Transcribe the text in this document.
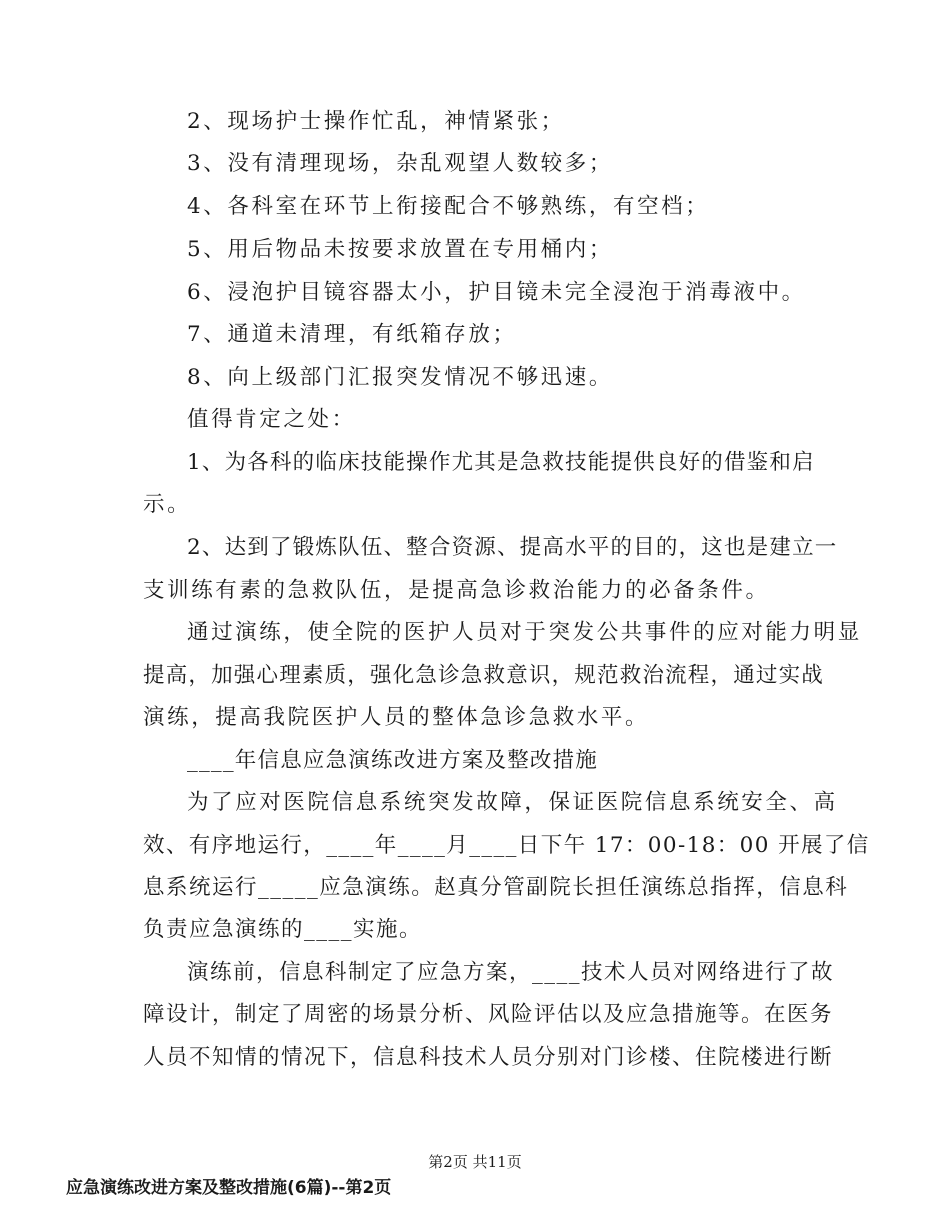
2、现场护士操作忙乱，神情紧张；
3、没有清理现场，杂乱观望人数较多；
4、各科室在环节上衔接配合不够熟练，有空档；
5、用后物品未按要求放置在专用桶内；
6、浸泡护目镜容器太小，护目镜未完全浸泡于消毒液中。
7、通道未清理，有纸箱存放；
8、向上级部门汇报突发情况不够迅速。
值得肯定之处：
1、为各科的临床技能操作尤其是急救技能提供良好的借鉴和启
示。
2、达到了锻炼队伍、整合资源、提高水平的目的，这也是建立一
支训练有素的急救队伍，是提高急诊救治能力的必备条件。
通过演练，使全院的医护人员对于突发公共事件的应对能力明显
提高，加强心理素质，强化急诊急救意识，规范救治流程，通过实战
演练，提高我院医护人员的整体急诊急救水平。
____年信息应急演练改进方案及整改措施
为了应对医院信息系统突发故障，保证医院信息系统安全、高
效、有序地运行，____年____月____日下午 17：00-18：00 开展了信
息系统运行_____应急演练。赵真分管副院长担任演练总指挥，信息科
负责应急演练的____实施。
演练前，信息科制定了应急方案，____技术人员对网络进行了故
障设计，制定了周密的场景分析、风险评估以及应急措施等。在医务
人员不知情的情况下，信息科技术人员分别对门诊楼、住院楼进行断
第2页 共11页
应急演练改进方案及整改措施(6篇)--第2页
